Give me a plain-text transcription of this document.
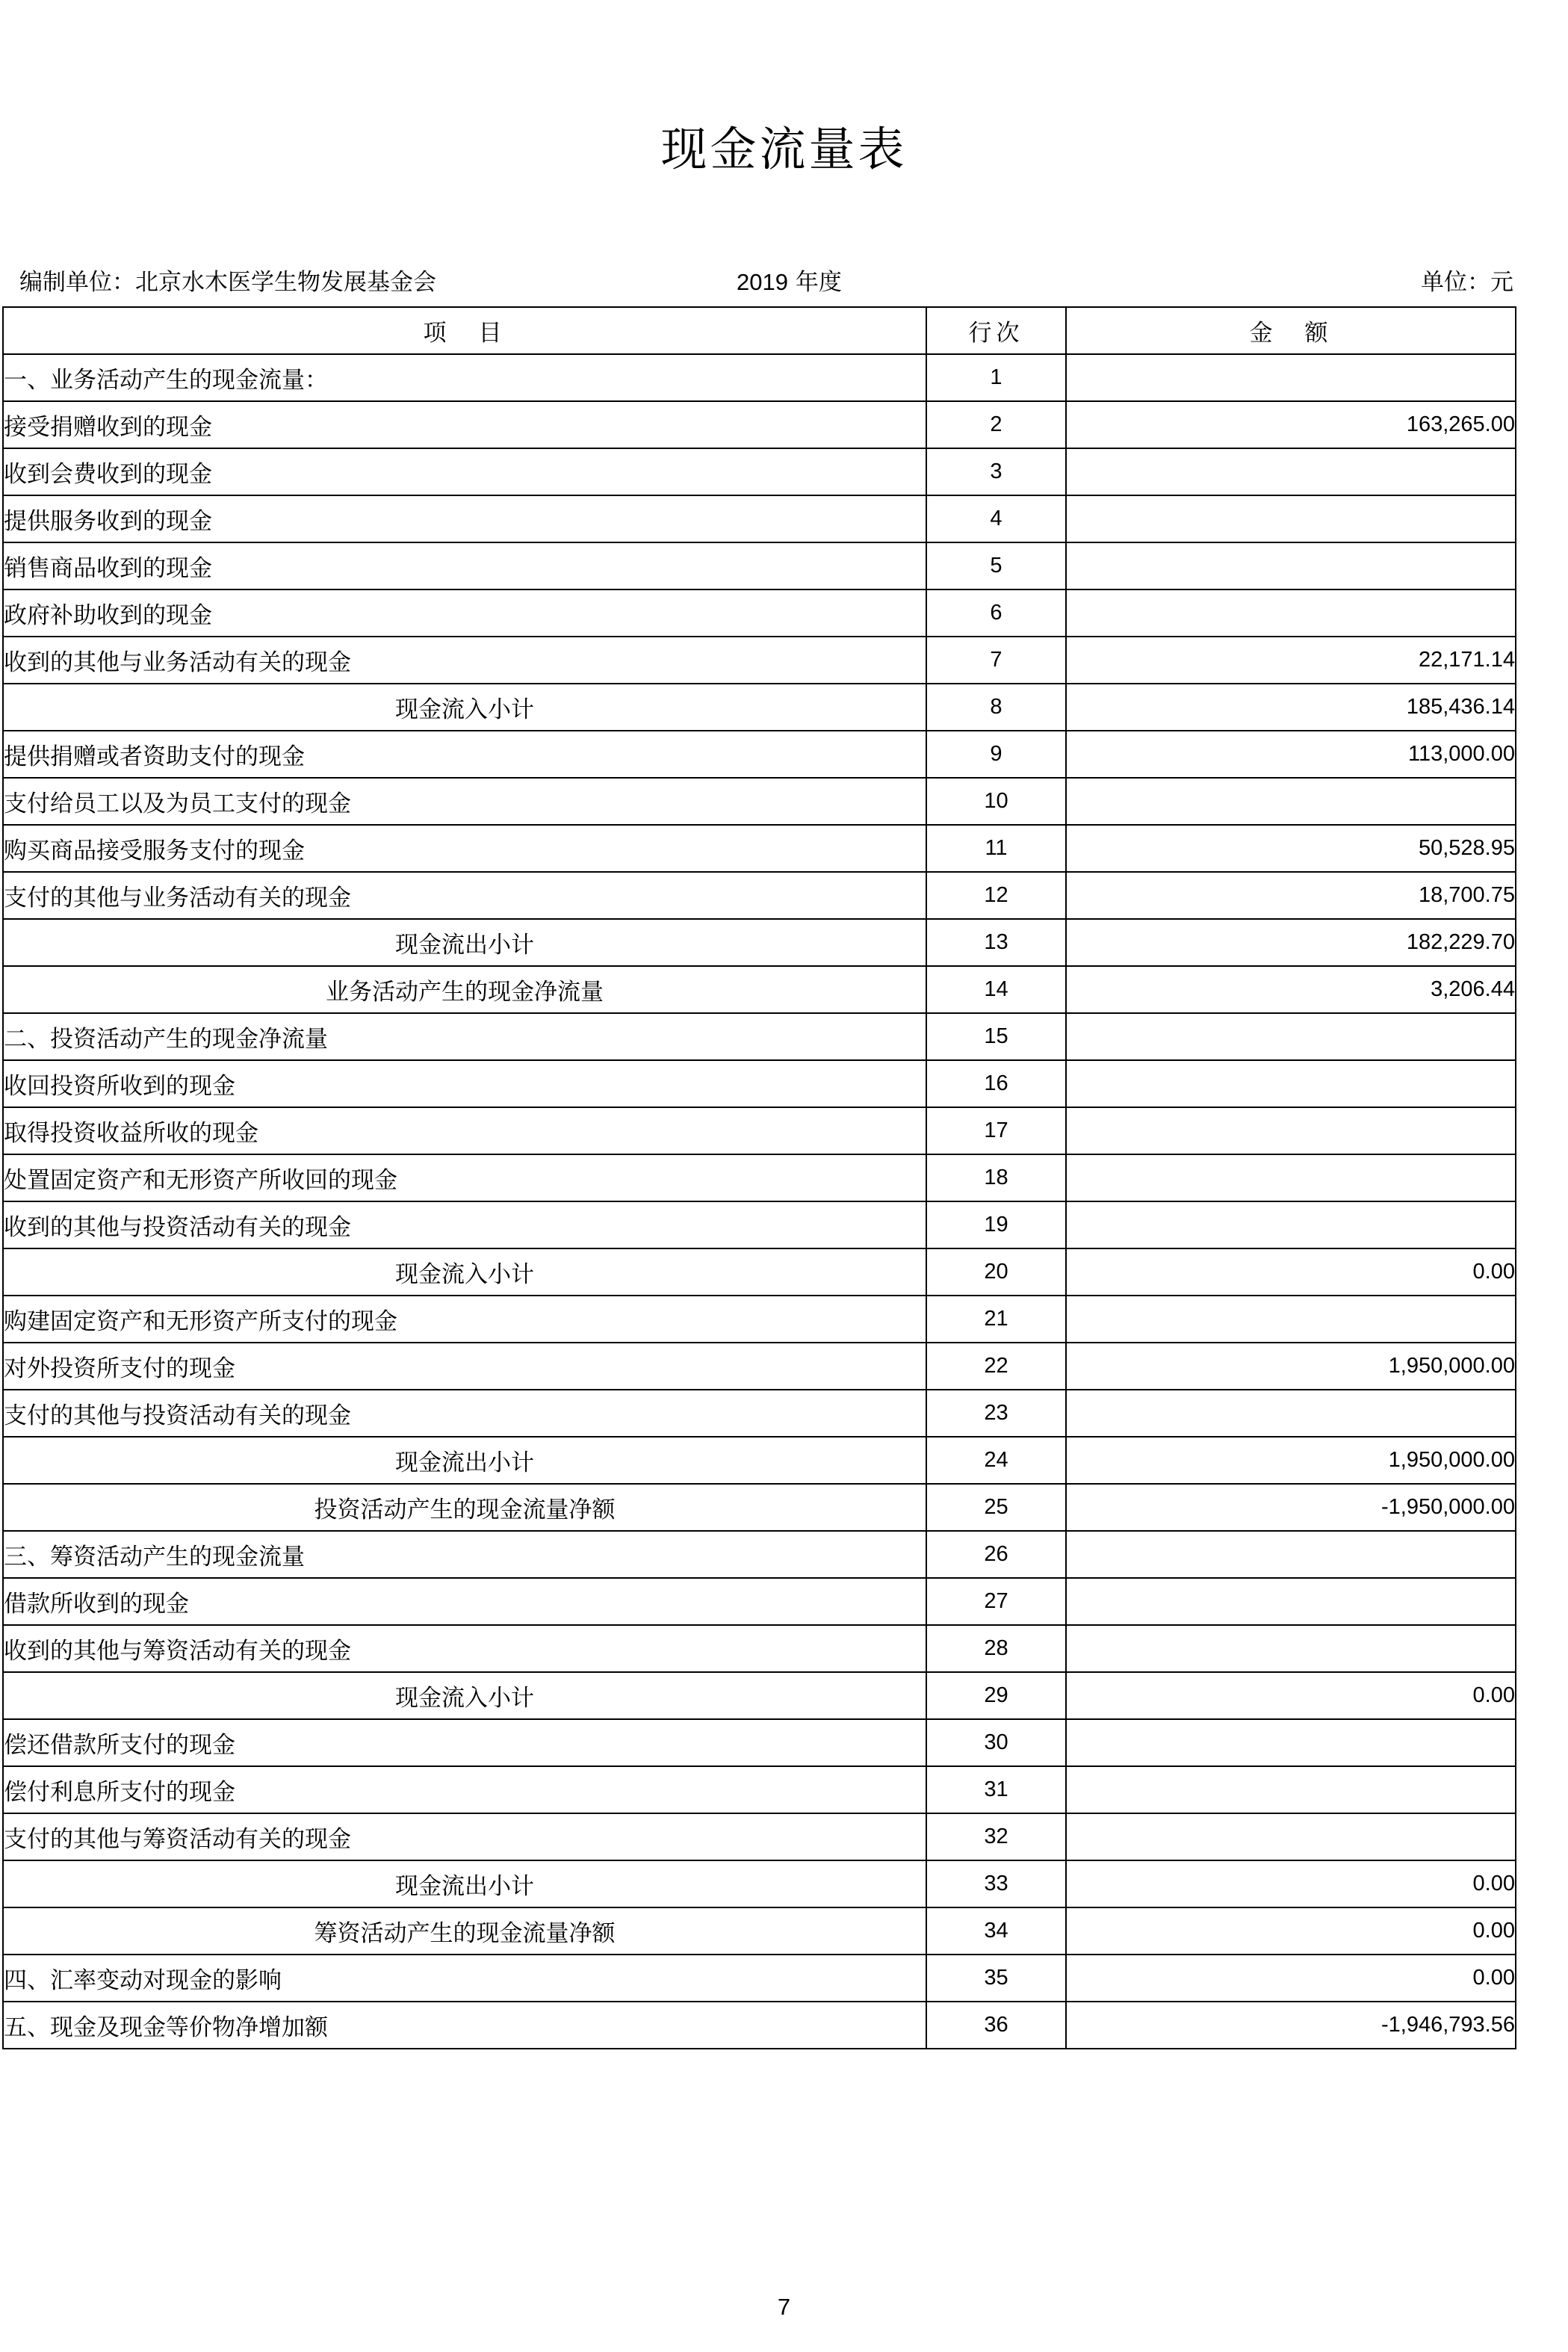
现金流量表
编制单位：北京水木医学生物发展基金会	2019 年度	单位：元
项　目	行次	金　额
一、业务活动产生的现金流量：	1	
接受捐赠收到的现金	2	163,265.00
收到会费收到的现金	3	
提供服务收到的现金	4	
销售商品收到的现金	5	
政府补助收到的现金	6	
收到的其他与业务活动有关的现金	7	22,171.14
现金流入小计	8	185,436.14
提供捐赠或者资助支付的现金	9	113,000.00
支付给员工以及为员工支付的现金	10	
购买商品接受服务支付的现金	11	50,528.95
支付的其他与业务活动有关的现金	12	18,700.75
现金流出小计	13	182,229.70
业务活动产生的现金净流量	14	3,206.44
二、投资活动产生的现金净流量	15	
收回投资所收到的现金	16	
取得投资收益所收的现金	17	
处置固定资产和无形资产所收回的现金	18	
收到的其他与投资活动有关的现金	19	
现金流入小计	20	0.00
购建固定资产和无形资产所支付的现金	21	
对外投资所支付的现金	22	1,950,000.00
支付的其他与投资活动有关的现金	23	
现金流出小计	24	1,950,000.00
投资活动产生的现金流量净额	25	-1,950,000.00
三、筹资活动产生的现金流量	26	
借款所收到的现金	27	
收到的其他与筹资活动有关的现金	28	
现金流入小计	29	0.00
偿还借款所支付的现金	30	
偿付利息所支付的现金	31	
支付的其他与筹资活动有关的现金	32	
现金流出小计	33	0.00
筹资活动产生的现金流量净额	34	0.00
四、汇率变动对现金的影响	35	0.00
五、现金及现金等价物净增加额	36	-1,946,793.56
7
